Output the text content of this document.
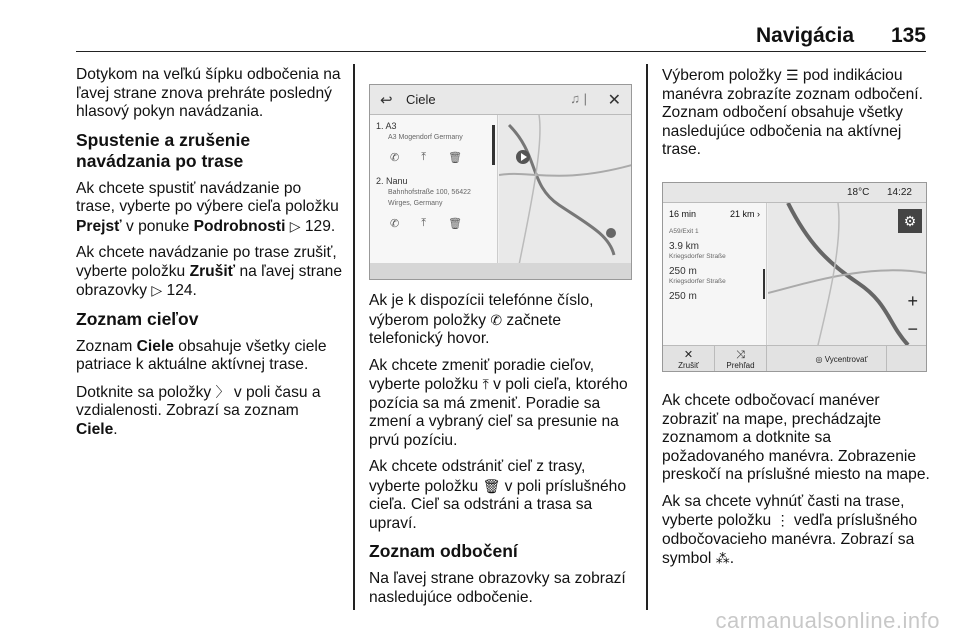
Navigácia 135

Dotykom na veľkú šípku odbočenia na ľavej strane znova prehráte posledný hlasový pokyn navádzania.

Spustenie a zrušenie navádzania po trase

Ak chcete spustiť navádzanie po trase, vyberte po výbere cieľa položku Prejsť v ponuke Podrobnosti ▷ 129.

Ak chcete navádzanie po trase zrušiť, vyberte položku Zrušiť na ľavej strane obrazovky ▷ 124.

Zoznam cieľov

Zoznam Ciele obsahuje všetky ciele patriace k aktuálne aktívnej trase.

Dotknite sa položky 〉 v poli času a vzdialenosti. Zobrazí sa zoznam Ciele.

↩ Ciele	♫ | ✕
1. A3
A3 Mogendorf Germany
✆ ⤒ 🗑
2. Nanu
Bahnhofstraße 100, 56422
Wirges, Germany
✆ ⤒ 🗑

Ak je k dispozícii telefónne číslo, výberom položky ✆ začnete telefonický hovor.

Ak chcete zmeniť poradie cieľov, vyberte položku ⤒ v poli cieľa, ktorého pozícia sa má zmeniť. Poradie sa zmení a vybraný cieľ sa presunie na prvú pozíciu.

Ak chcete odstrániť cieľ z trasy, vyberte položku 🗑 v poli príslušného cieľa. Cieľ sa odstráni a trasa sa upraví.

Zoznam odbočení

Na ľavej strane obrazovky sa zobrazí nasledujúce odbočenie.

Výberom položky ☰ pod indikáciou manévra zobrazíte zoznam odbočení. Zoznam odbočení obsahuje všetky nasledujúce odbočenia na aktívnej trase.

18°C 14:22
16 min	21 km ›
A59/Exit 1
3.9 km
Kriegsdorfer Straße
250 m
Kriegsdorfer Straße
250 m
⚙
+
−
✕
Zrušiť
⤨
Prehľad
◎ Vycentrovať

Ak chcete odbočovací manéver zobraziť na mape, prechádzajte zoznamom a dotknite sa požadovaného manévra. Zobrazenie preskočí na príslušné miesto na mape.

Ak sa chcete vyhnúť časti na trase, vyberte položku ⋮ vedľa príslušného odbočovacieho manévra. Zobrazí sa symbol ⁂.

carmanualsonline.info
